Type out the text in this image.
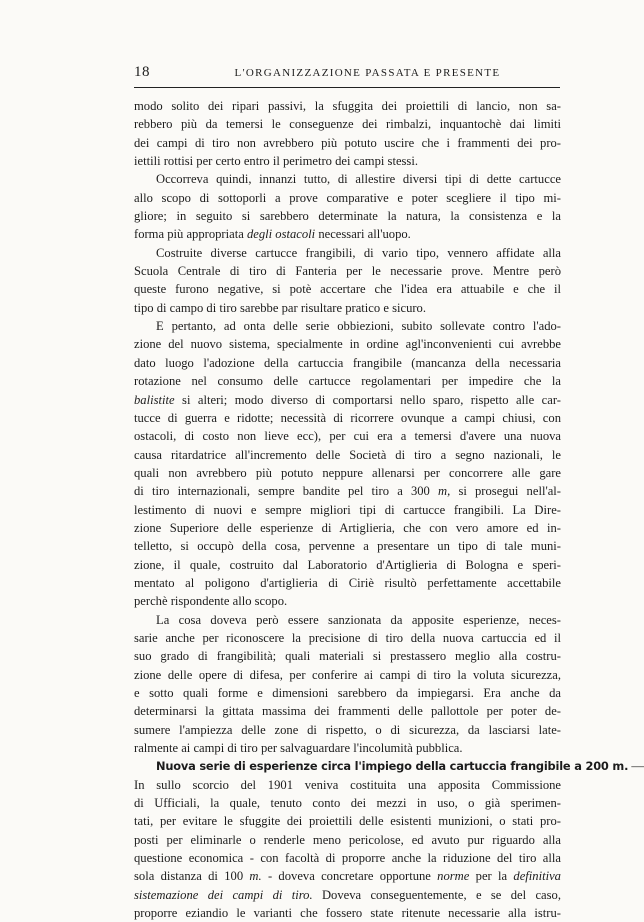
18	L'ORGANIZZAZIONE PASSATA E PRESENTE
modo solito dei ripari passivi, la sfuggita dei proiettili di lancio, non sa-
rebbero più da temersi le conseguenze dei rimbalzi, inquantochè dai limiti
dei campi di tiro non avrebbero più potuto uscire che i frammenti dei pro-
iettili rottisi per certo entro il perimetro dei campi stessi.
Occorreva quindi, innanzi tutto, di allestire diversi tipi di dette cartucce
allo scopo di sottoporli a prove comparative e poter scegliere il tipo mi-
gliore; in seguito si sarebbero determinate la natura, la consistenza e la
forma più appropriata degli ostacoli necessari all'uopo.
Costruite diverse cartucce frangibili, di vario tipo, vennero affidate alla
Scuola Centrale di tiro di Fanteria per le necessarie prove. Mentre però
queste furono negative, si potè accertare che l'idea era attuabile e che il
tipo di campo di tiro sarebbe par risultare pratico e sicuro.
E pertanto, ad onta delle serie obbiezioni, subito sollevate contro l'ado-
zione del nuovo sistema, specialmente in ordine agl'inconvenienti cui avrebbe
dato luogo l'adozione della cartuccia frangibile (mancanza della necessaria
rotazione nel consumo delle cartucce regolamentari per impedire che la
balistite si alteri; modo diverso di comportarsi nello sparo, rispetto alle car-
tucce di guerra e ridotte; necessità di ricorrere ovunque a campi chiusi, con
ostacoli, di costo non lieve ecc), per cui era a temersi d'avere una nuova
causa ritardatrice all'incremento delle Società di tiro a segno nazionali, le
quali non avrebbero più potuto neppure allenarsi per concorrere alle gare
di tiro internazionali, sempre bandite pel tiro a 300 m, si prosegui nell'al-
lestimento di nuovi e sempre migliori tipi di cartucce frangibili. La Dire-
zione Superiore delle esperienze di Artiglieria, che con vero amore ed in-
telletto, si occupò della cosa, pervenne a presentare un tipo di tale muni-
zione, il quale, costruito dal Laboratorio d'Artiglieria di Bologna e speri-
mentato al poligono d'artiglieria di Ciriè risultò perfettamente accettabile
perchè rispondente allo scopo.
La cosa doveva però essere sanzionata da apposite esperienze, neces-
sarie anche per riconoscere la precisione di tiro della nuova cartuccia ed il
suo grado di frangibilità; quali materiali si prestassero meglio alla costru-
zione delle opere di difesa, per conferire ai campi di tiro la voluta sicurezza,
e sotto quali forme e dimensioni sarebbero da impiegarsi. Era anche da
determinarsi la gittata massima dei frammenti delle pallottole per poter de-
sumere l'ampiezza delle zone di rispetto, o di sicurezza, da lasciarsi late-
ralmente ai campi di tiro per salvaguardare l'incolumità pubblica.
Nuova serie di esperienze circa l'impiego della cartuccia frangibile a 200 m. —
In sullo scorcio del 1901 veniva costituita una apposita Commissione
di Ufficiali, la quale, tenuto conto dei mezzi in uso, o già sperimen-
tati, per evitare le sfuggite dei proiettili delle esistenti munizioni, o stati pro-
posti per eliminarle o renderle meno pericolose, ed avuto pur riguardo alla
questione economica - con facoltà di proporre anche la riduzione del tiro alla
sola distanza di 100 m. - doveva concretare opportune norme per la definitiva
sistemazione dei campi di tiro. Doveva conseguentemente, e se del caso,
proporre eziandio le varianti che fossero state ritenute necessarie alla istru-
